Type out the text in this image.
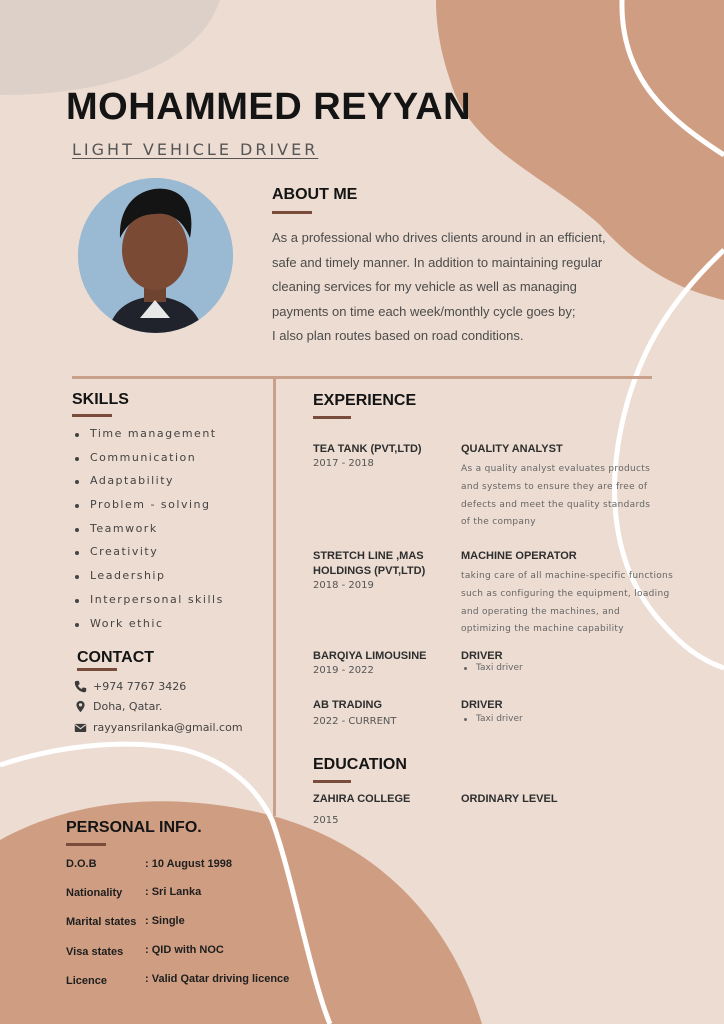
MOHAMMED REYYAN
LIGHT VEHICLE DRIVER
ABOUT ME
As a professional who drives clients around in an efficient,
safe and timely manner. In addition to maintaining regular
cleaning services for my vehicle as well as managing
payments on time each week/monthly cycle goes by;
I also plan routes based on road conditions.
SKILLS
Time management
Communication
Adaptability
Problem - solving
Teamwork
Creativity
Leadership
Interpersonal skills
Work ethic
CONTACT
+974 7767 3426
Doha, Qatar.
rayyansrilanka@gmail.com
EXPERIENCE
TEA TANK (PVT,LTD)
2017 - 2018
QUALITY ANALYST
As a quality analyst evaluates products
and systems to ensure they are free of
defects and meet the quality standards
of the company
STRETCH LINE ,MAS
HOLDINGS (PVT,LTD)
2018 - 2019
MACHINE OPERATOR
taking care of all machine-specific functions
such as configuring the equipment, loading
and operating the machines, and
optimizing the machine capability
BARQIYA LIMOUSINE
2019 - 2022
DRIVER
Taxi driver
AB TRADING
2022 - CURRENT
DRIVER
Taxi driver
EDUCATION
ZAHIRA COLLEGE	ORDINARY LEVEL
2015
PERSONAL INFO.
D.O.B	: 10 August 1998
Nationality : Sri Lanka
Marital states : Single
Visa states : QID with NOC
Licence	: Valid Qatar driving licence
